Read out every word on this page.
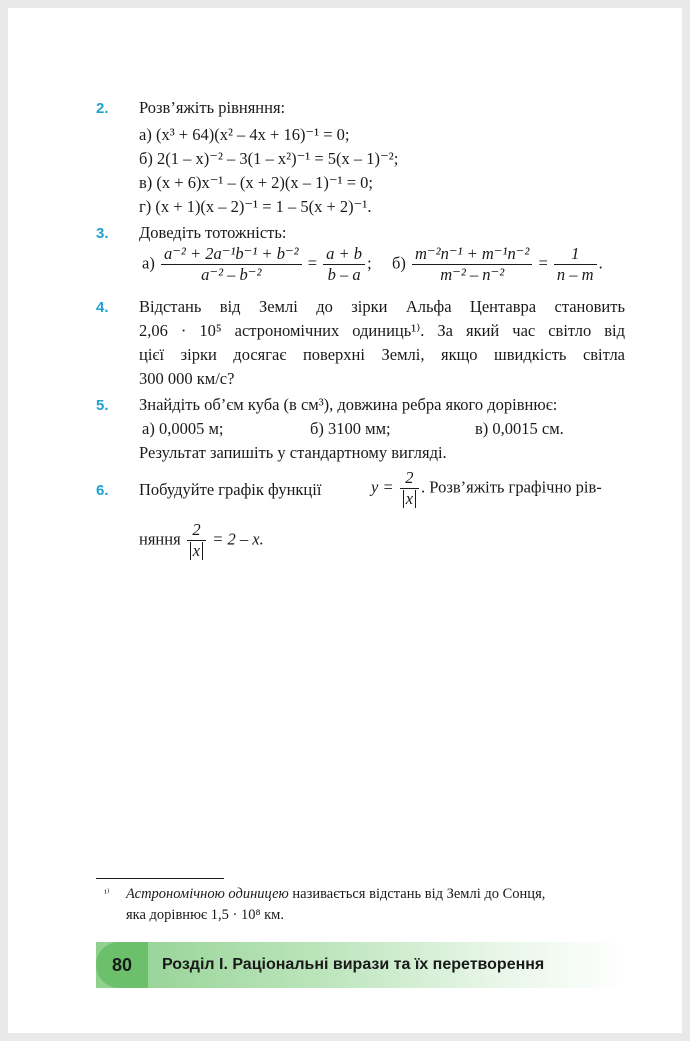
2. Розв’яжіть рівняння:
а) (x³ + 64)(x² – 4x + 16)⁻¹ = 0;
б) 2(1 – x)⁻² – 3(1 – x²)⁻¹ = 5(x – 1)⁻²;
в) (x + 6)x⁻¹ – (x + 2)(x – 1)⁻¹ = 0;
г) (x + 1)(x – 2)⁻¹ = 1 – 5(x + 2)⁻¹.
3. Доведіть тотожність:
$а) \frac{\text{a⁻² + 2a⁻¹b⁻¹ + b⁻²}}{\text{a⁻² – b⁻²}} = \frac{a + b}{b - a}$ ; $б) \frac{\text{m⁻²n⁻¹ + m⁻¹n⁻²}}{\text{m⁻² – n⁻²}} = \frac{1}{n - m}$ .
4. Відстань від Землі до зірки Альфа Центавра становить
2,06 · 10⁵ астрономічних одиниць¹⁾. За який час світло від
цієї зірки досягає поверхні Землі, якщо швидкість світла
300 000 км/с?
5. Знайдіть об’єм куба (в см³), довжина ребра якого дорівнює:
а) 0,0005 м;	б) 3100 мм;	в) 0,0015 см.
Результат запишіть у стандартному вигляді.
6. Побудуйте графік функції	$y = \frac{2}{x}$ . Розв’яжіть графічно рів-
няння $\frac{2}{x} = 2 - x$.
¹⁾ Астрономічною одиницею називається відстань від Землі до Сонця,
яка дорівнює 1,5 · 10⁸ км.
80	Розділ І. Раціональні вирази та їх перетворення
